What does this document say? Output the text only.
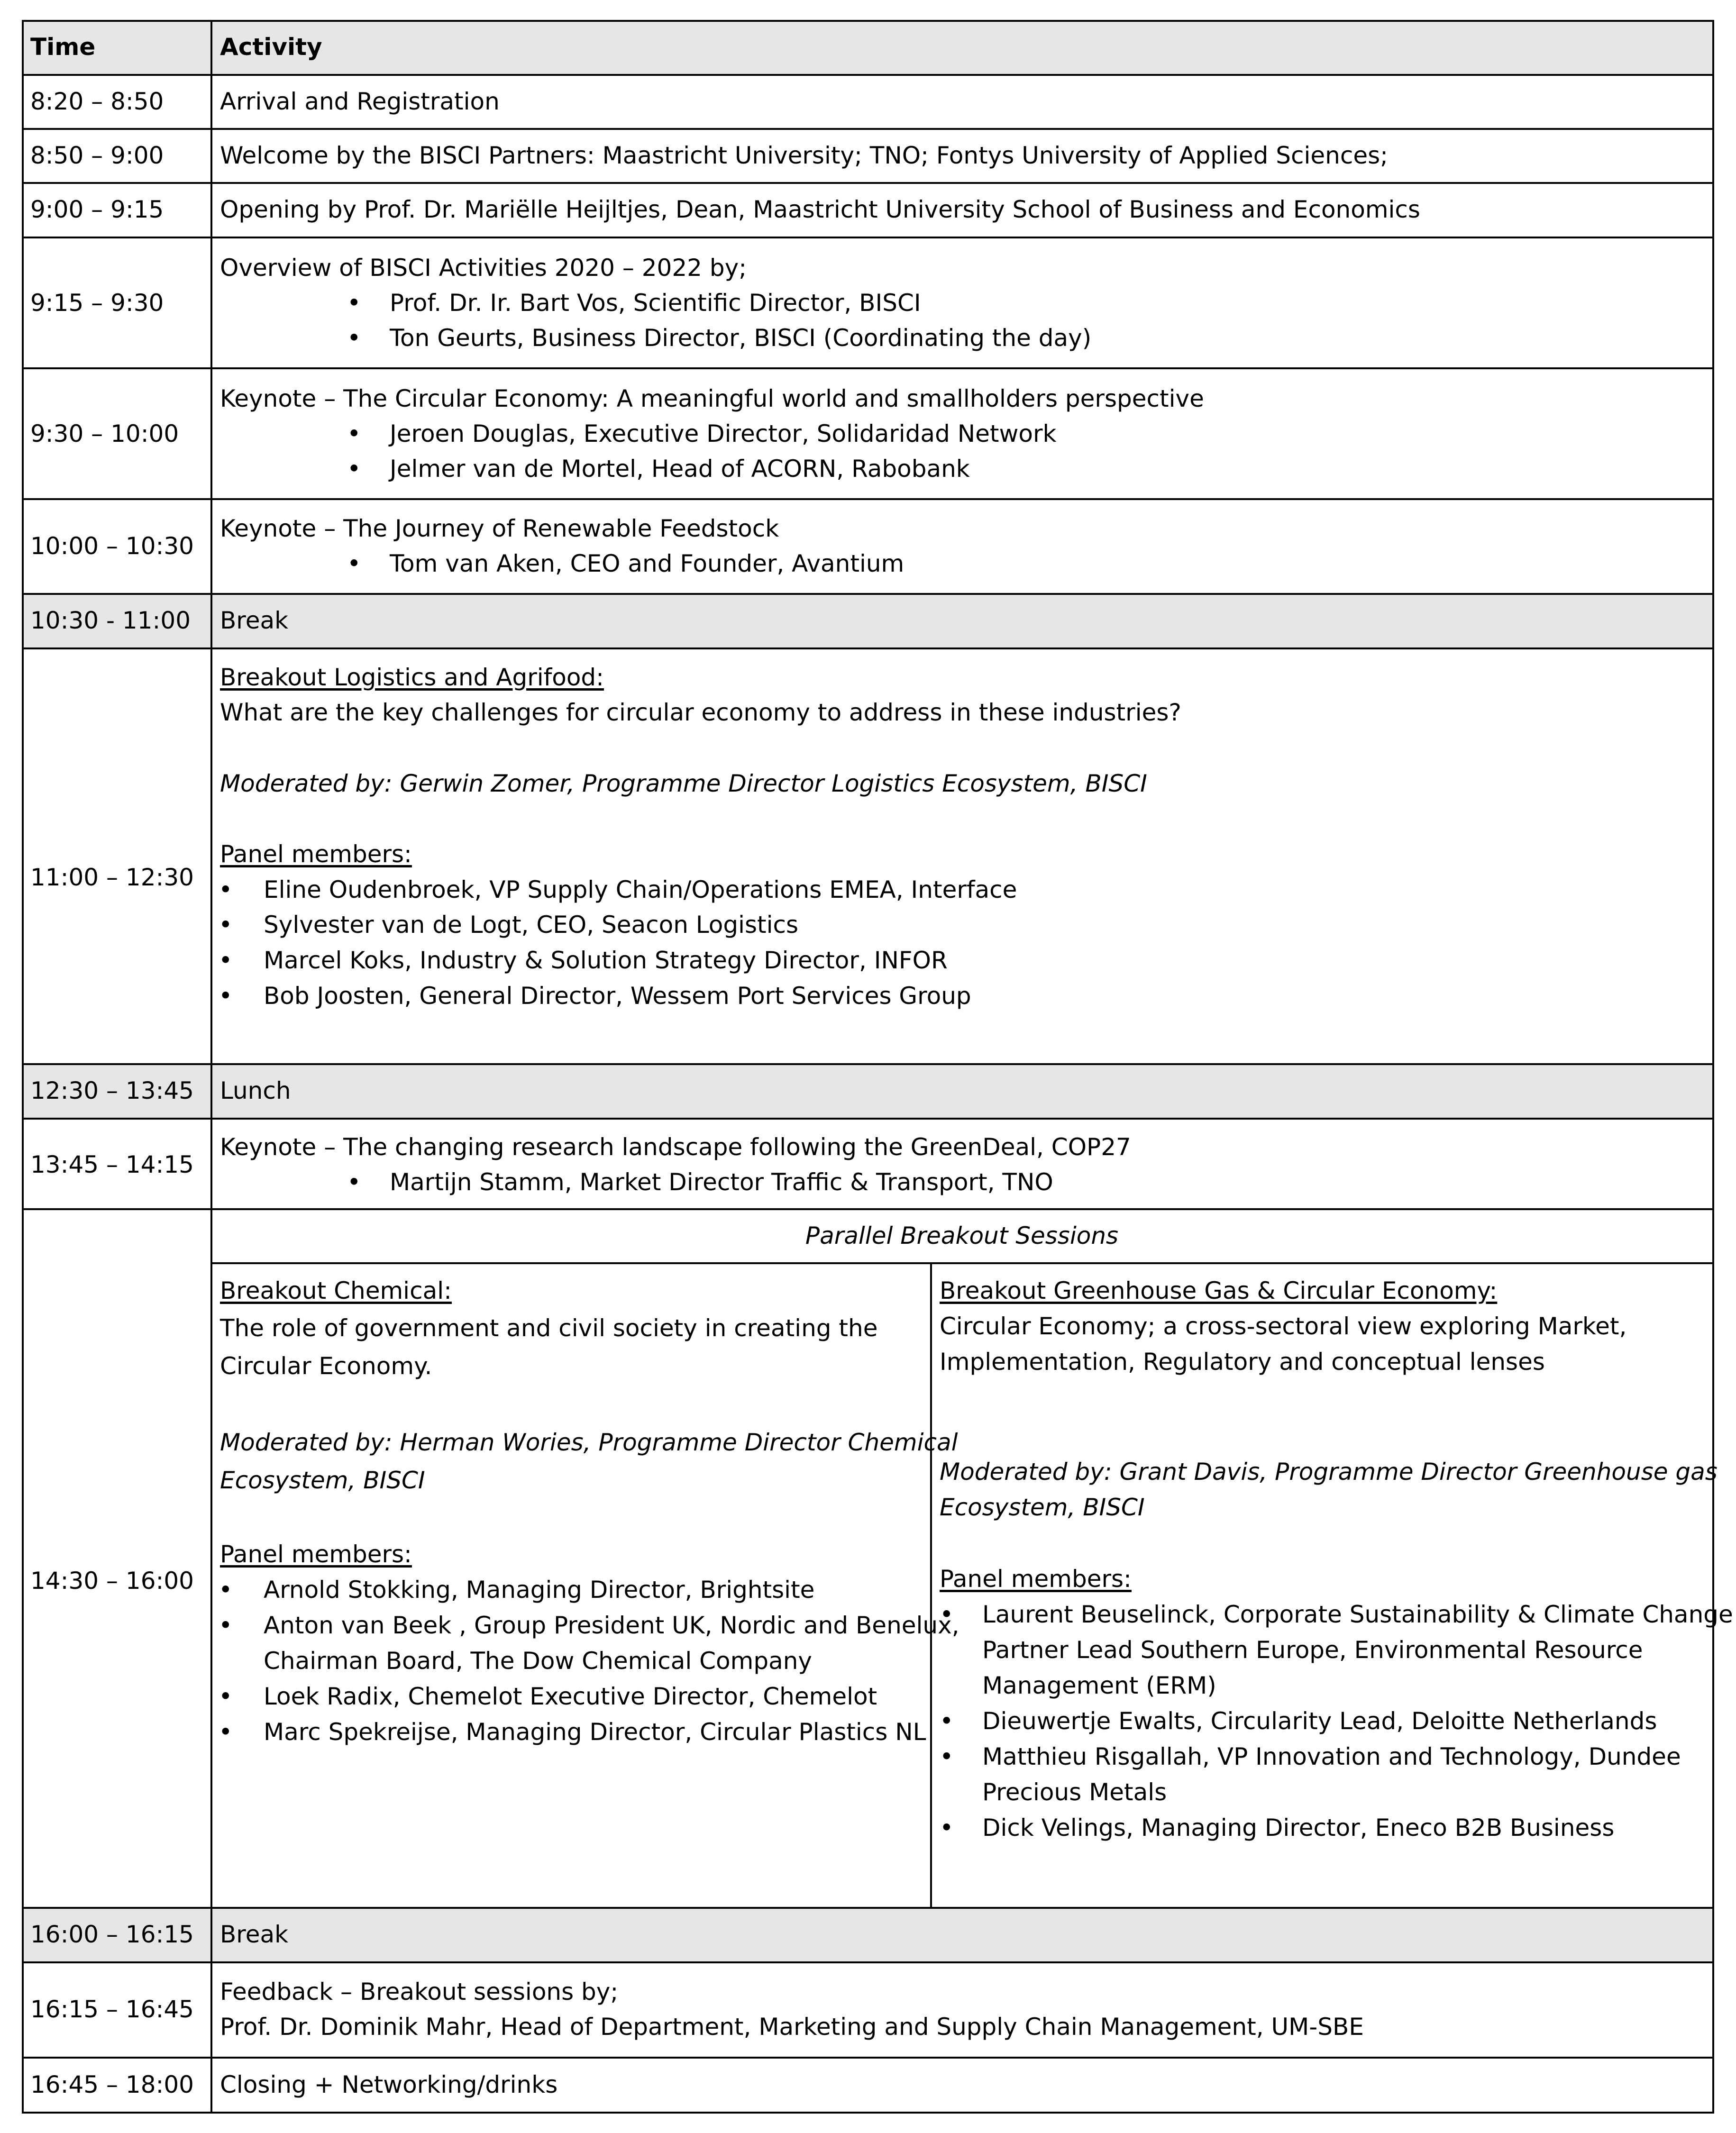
Time	Activity
8:20 – 8:50 Arrival and Registration
8:50 – 9:00 Welcome by the BISCI Partners: Maastricht University; TNO; Fontys University of Applied Sciences;
9:00 – 9:15 Opening by Prof. Dr. Mariëlle Heijltjes, Dean, Maastricht University School of Business and Economics
9:15 – 9:30
Overview of BISCI Activities 2020 – 2022 by;
• Prof. Dr. Ir. Bart Vos, Scientific Director, BISCI
• Ton Geurts, Business Director, BISCI (Coordinating the day)
9:30 – 10:00
Keynote – The Circular Economy: A meaningful world and smallholders perspective
• Jeroen Douglas, Executive Director, Solidaridad Network
• Jelmer van de Mortel, Head of ACORN, Rabobank
10:00 – 10:30
Keynote – The Journey of Renewable Feedstock
• Tom van Aken, CEO and Founder, Avantium
10:30 - 11:00 Break
11:00 – 12:30
Breakout Logistics and Agrifood:
What are the key challenges for circular economy to address in these industries?
Moderated by: Gerwin Zomer, Programme Director Logistics Ecosystem, BISCI
Panel members:
• Eline Oudenbroek, VP Supply Chain/Operations EMEA, Interface
• Sylvester van de Logt, CEO, Seacon Logistics
• Marcel Koks, Industry & Solution Strategy Director, INFOR
• Bob Joosten, General Director, Wessem Port Services Group
12:30 – 13:45 Lunch
13:45 – 14:15
Keynote – The changing research landscape following the GreenDeal, COP27
• Martijn Stamm, Market Director Traffic & Transport, TNO
14:30 – 16:00
Parallel Breakout Sessions
Breakout Chemical:
The role of government and civil society in creating the
Circular Economy.
Moderated by: Herman Wories, Programme Director Chemical
Ecosystem, BISCI
Panel members:
• Arnold Stokking, Managing Director, Brightsite
• Anton van Beek , Group President UK, Nordic and Benelux,
Chairman Board, The Dow Chemical Company
• Loek Radix, Chemelot Executive Director, Chemelot
• Marc Spekreijse, Managing Director, Circular Plastics NL
Breakout Greenhouse Gas & Circular Economy:
Circular Economy; a cross-sectoral view exploring Market,
Implementation, Regulatory and conceptual lenses
Moderated by: Grant Davis, Programme Director Greenhouse gas
Ecosystem, BISCI
Panel members:
• Laurent Beuselinck, Corporate Sustainability & Climate Change
Partner Lead Southern Europe, Environmental Resource
Management (ERM)
• Dieuwertje Ewalts, Circularity Lead, Deloitte Netherlands
• Matthieu Risgallah, VP Innovation and Technology, Dundee
Precious Metals
• Dick Velings, Managing Director, Eneco B2B Business
16:00 – 16:15 Break
16:15 – 16:45
Feedback – Breakout sessions by;
Prof. Dr. Dominik Mahr, Head of Department, Marketing and Supply Chain Management, UM-SBE
16:45 – 18:00 Closing + Networking/drinks
